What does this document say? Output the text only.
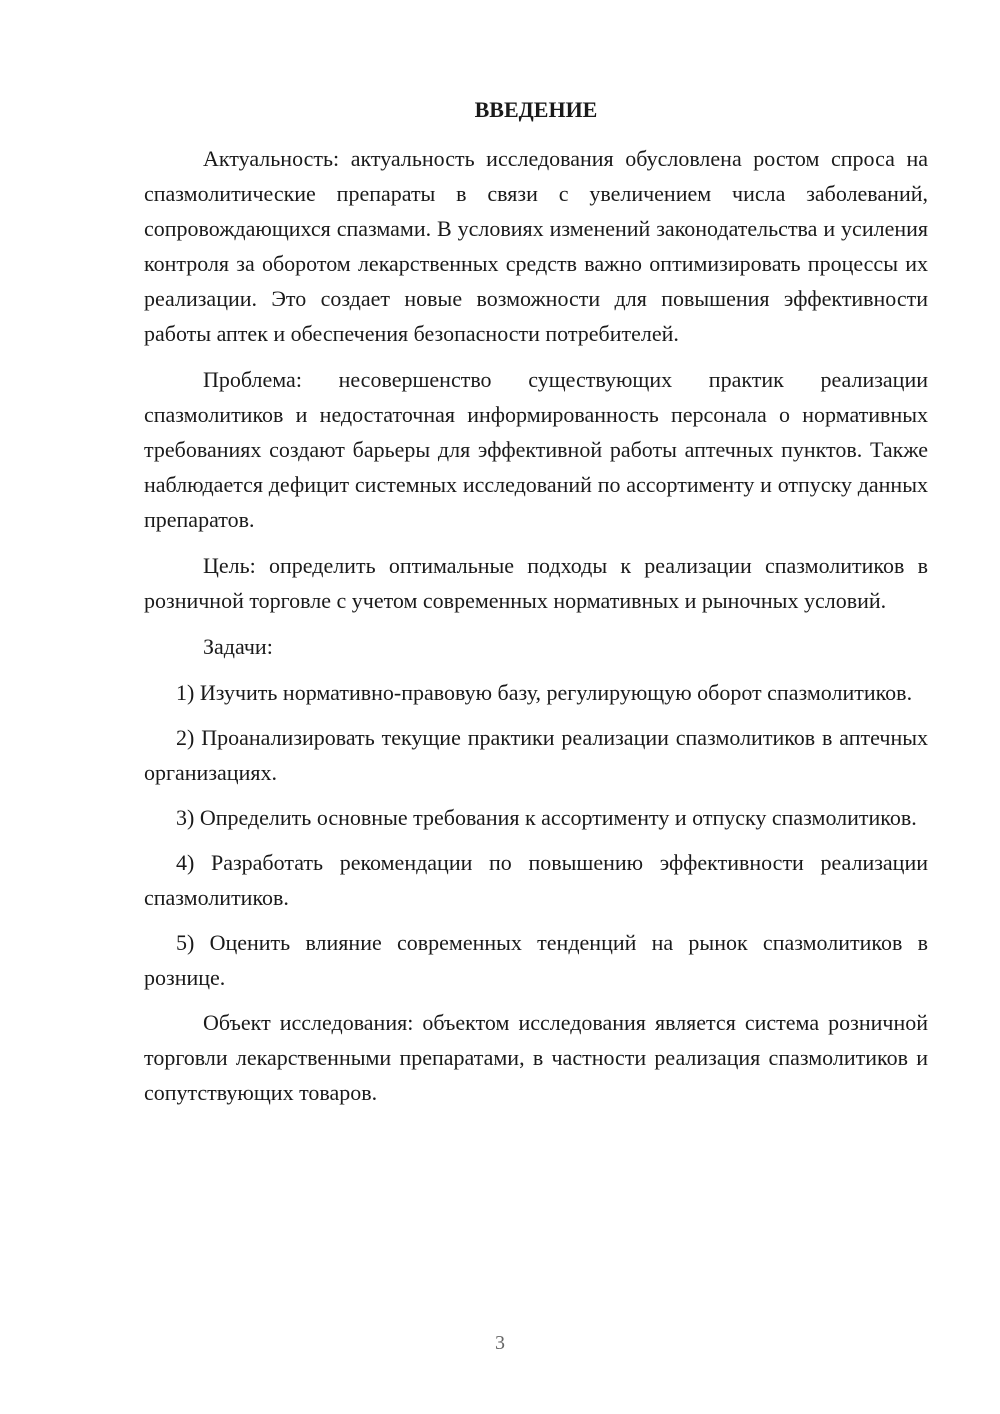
ВВЕДЕНИЕ

Актуальность: актуальность исследования обусловлена ростом спроса на спазмолитические препараты в связи с увеличением числа заболеваний, сопровождающихся спазмами. В условиях изменений законодательства и усиления контроля за оборотом лекарственных средств важно оптимизировать процессы их реализации. Это создает новые возможности для повышения эффективности работы аптек и обеспечения безопасности потребителей.

Проблема: несовершенство существующих практик реализации спазмолитиков и недостаточная информированность персонала о нормативных требованиях создают барьеры для эффективной работы аптечных пунктов. Также наблюдается дефицит системных исследований по ассортименту и отпуску данных препаратов.

Цель: определить оптимальные подходы к реализации спазмолитиков в розничной торговле с учетом современных нормативных и рыночных условий.

Задачи:

1) Изучить нормативно-правовую базу, регулирующую оборот спазмолитиков.

2) Проанализировать текущие практики реализации спазмолитиков в аптечных организациях.

3) Определить основные требования к ассортименту и отпуску спазмолитиков.

4) Разработать рекомендации по повышению эффективности реализации спазмолитиков.

5) Оценить влияние современных тенденций на рынок спазмолитиков в рознице.

Объект исследования: объектом исследования является система розничной торговли лекарственными препаратами, в частности реализация спазмолитиков и сопутствующих товаров.

3
